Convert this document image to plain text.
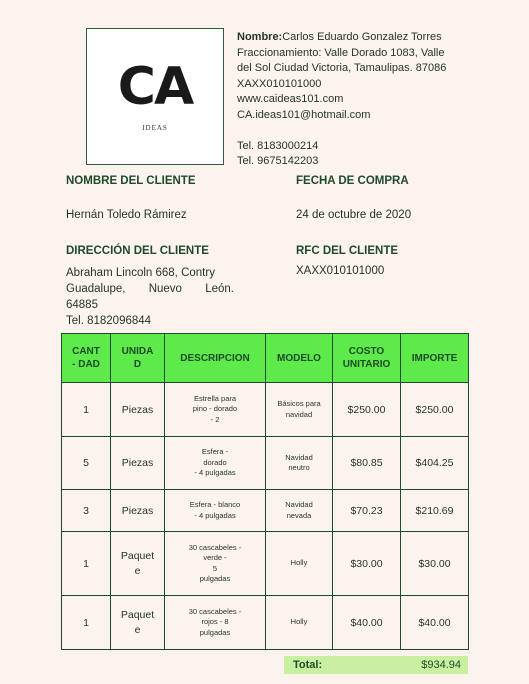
CA
IDEAS
Nombre:Carlos Eduardo Gonzalez Torres
Fraccionamiento: Valle Dorado 1083, Valle
del Sol Ciudad Victoria, Tamaulipas. 87086
XAXX010101000
www.caideas101.com
CA.ideas101@hotmail.com
Tel. 8183000214
Tel. 9675142203
NOMBRE DEL CLIENTE	FECHA DE COMPRA
Hernán Toledo Rámirez	24 de octubre de 2020
DIRECCIÓN DEL CLIENTE	RFC DEL CLIENTE
Abraham Lincoln 668, Contry
Guadalupe, Nuevo León.
64885
Tel. 8182096844
XAXX010101000
CANT
- DAD	UNIDA
D	DESCRIPCION	MODELO	COSTO
UNITARIO	IMPORTE
1	Piezas	Estrella para
pino - dorado
- 2	Básicos para
navidad	$250.00	$250.00
5	Piezas	Esfera -
dorado
- 4 pulgadas	Navidad
neutro	$80.85	$404.25
3	Piezas	Esfera - blanco
- 4 pulgadas	Navidad
nevada	$70.23	$210.69
1	Paquet
e	30 cascabeles -
verde -
5
pulgadas	Holly	$30.00	$30.00
1	Paquet
e	30 cascabeles -
rojos - 8
pulgadas	Holly	$40.00	$40.00
Total:	$934.94
